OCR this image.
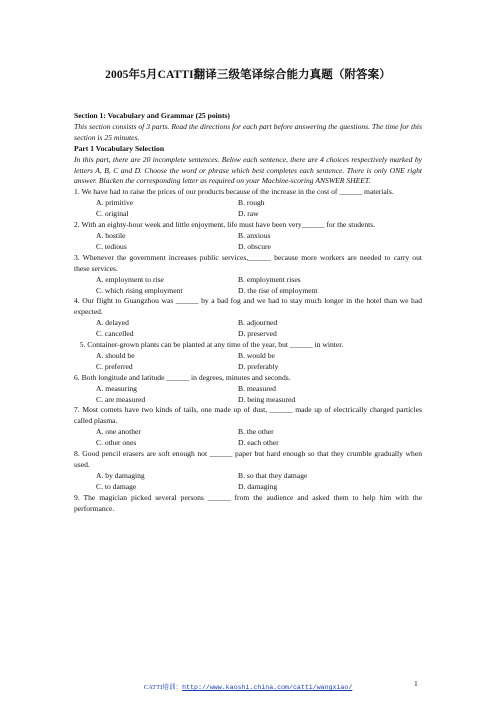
2005年5月CATTI翻译三级笔译综合能力真题（附答案）

Section 1: Vocabulary and Grammar (25 points)

This section consists of 3 parts. Read the directions for each part before answering the questions. The time for this section is 25 minutes.

Part 1 Vocabulary Selection

In this part, there are 20 incomplete sentences. Below each sentence, there are 4 choices respectively marked by letters A, B, C and D. Choose the word or phrase which best completes each sentence. There is only ONE right answer. Blacken the corresponding letter as required on your Machine-scoring ANSWER SHEET.

1. We have had to raise the prices of our products because of the increase in the cost of ______ materials.

A. primitive	B. rough
C. original	D. raw

2. With an eighty-hour week and little enjoyment, life must have been very______ for the students.

A. hostile	B. anxious
C. tedious	D. obscure

3. Whenever the government increases public services,______ because more workers are needed to carry out these services.

A. employment to rise	B. employment rises
C. which rising employment	D. the rise of employment

4. Our flight to Guangzhou was ______ by a bad fog and we had to stay much longer in the hotel than we had expected.

A. delayed	B. adjourned
C. cancelled	D. preserved

5. Container-grown plants can be planted at any time of the year, but ______ in winter.

A. should be	B. would be
C. preferred	D. preferably

6. Both longitude and latitude ______ in degrees, minutes and seconds.

A. measuring	B. measured
C. are measured	D. being measured

7. Most comets have two kinds of tails, one made up of dust, ______ made up of electrically charged particles called plasma.

A. one another	B. the other
C. other ones	D. each other

8. Good pencil erasers are soft enough not ______ paper but hard enough so that they crumble gradually when used.

A. by damaging	B. so that they damage
C. to damage	D. damaging

9. The magician picked several persons ______ from the audience and asked them to help him with the performance.

CATTI培训：http://www.kaoshi.china.com/catti/wangxiao/	1
